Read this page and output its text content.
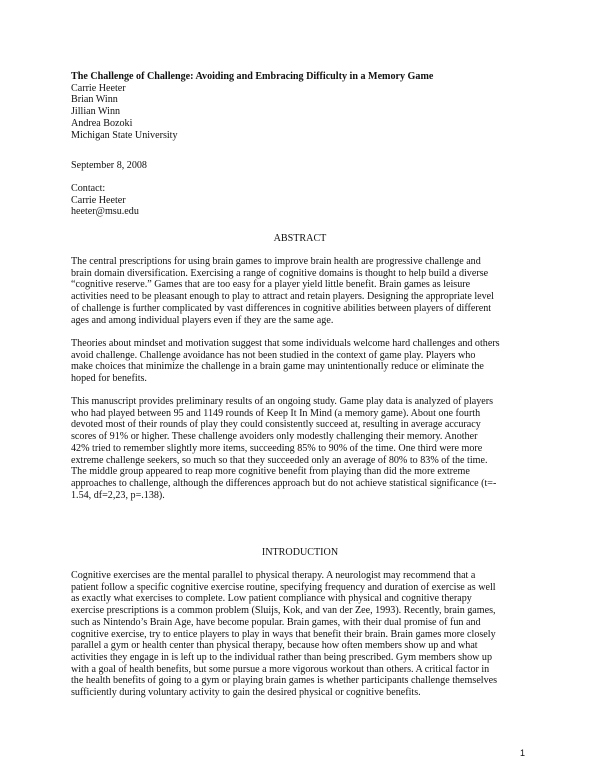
The Challenge of Challenge: Avoiding and Embracing Difficulty in a Memory Game

Carrie Heeter

Brian Winn

Jillian Winn

Andrea Bozoki

Michigan State University

September 8, 2008

Contact:

Carrie Heeter

heeter@msu.edu

ABSTRACT

The central prescriptions for using brain games to improve brain health are progressive challenge and

brain domain diversification. Exercising a range of cognitive domains is thought to help build a diverse

“cognitive reserve.” Games that are too easy for a player yield little benefit. Brain games as leisure

activities need to be pleasant enough to play to attract and retain players. Designing the appropriate level

of challenge is further complicated by vast differences in cognitive abilities between players of different

ages and among individual players even if they are the same age.

Theories about mindset and motivation suggest that some individuals welcome hard challenges and others

avoid challenge. Challenge avoidance has not been studied in the context of game play. Players who

make choices that minimize the challenge in a brain game may unintentionally reduce or eliminate the

hoped for benefits.

This manuscript provides preliminary results of an ongoing study. Game play data is analyzed of players

who had played between 95 and 1149 rounds of Keep It In Mind (a memory game). About one fourth

devoted most of their rounds of play they could consistently succeed at, resulting in average accuracy

scores of 91% or higher. These challenge avoiders only modestly challenging their memory. Another

42% tried to remember slightly more items, succeeding 85% to 90% of the time. One third were more

extreme challenge seekers, so much so that they succeeded only an average of 80% to 83% of the time.

The middle group appeared to reap more cognitive benefit from playing than did the more extreme

approaches to challenge, although the differences approach but do not achieve statistical significance (t=-

1.54, df=2,23, p=.138).

INTRODUCTION

Cognitive exercises are the mental parallel to physical therapy. A neurologist may recommend that a

patient follow a specific cognitive exercise routine, specifying frequency and duration of exercise as well

as exactly what exercises to complete. Low patient compliance with physical and cognitive therapy

exercise prescriptions is a common problem (Sluijs, Kok, and van der Zee, 1993). Recently, brain games,

such as Nintendo’s Brain Age, have become popular. Brain games, with their dual promise of fun and

cognitive exercise, try to entice players to play in ways that benefit their brain. Brain games more closely

parallel a gym or health center than physical therapy, because how often members show up and what

activities they engage in is left up to the individual rather than being prescribed. Gym members show up

with a goal of health benefits, but some pursue a more vigorous workout than others. A critical factor in

the health benefits of going to a gym or playing brain games is whether participants challenge themselves

sufficiently during voluntary activity to gain the desired physical or cognitive benefits.

1
